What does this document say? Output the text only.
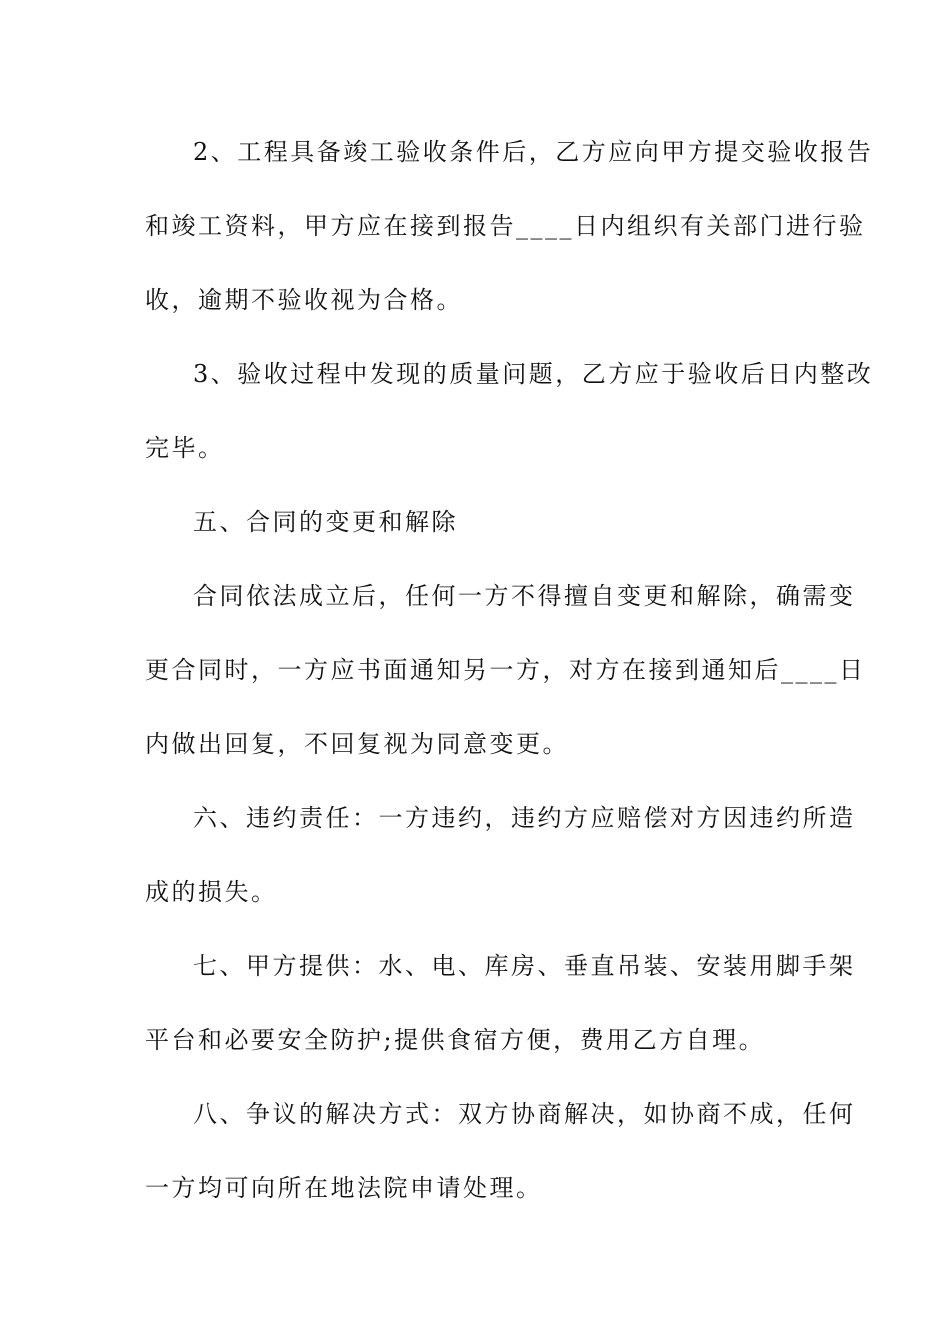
2、工程具备竣工验收条件后，乙方应向甲方提交验收报告
和竣工资料，甲方应在接到报告____日内组织有关部门进行验
收，逾期不验收视为合格。
3、验收过程中发现的质量问题，乙方应于验收后日内整改
完毕。
五、合同的变更和解除
合同依法成立后，任何一方不得擅自变更和解除，确需变
更合同时，一方应书面通知另一方，对方在接到通知后____日
内做出回复，不回复视为同意变更。
六、违约责任：一方违约，违约方应赔偿对方因违约所造
成的损失。
七、甲方提供：水、电、库房、垂直吊装、安装用脚手架
平台和必要安全防护;提供食宿方便，费用乙方自理。
八、争议的解决方式：双方协商解决，如协商不成，任何
一方均可向所在地法院申请处理。
